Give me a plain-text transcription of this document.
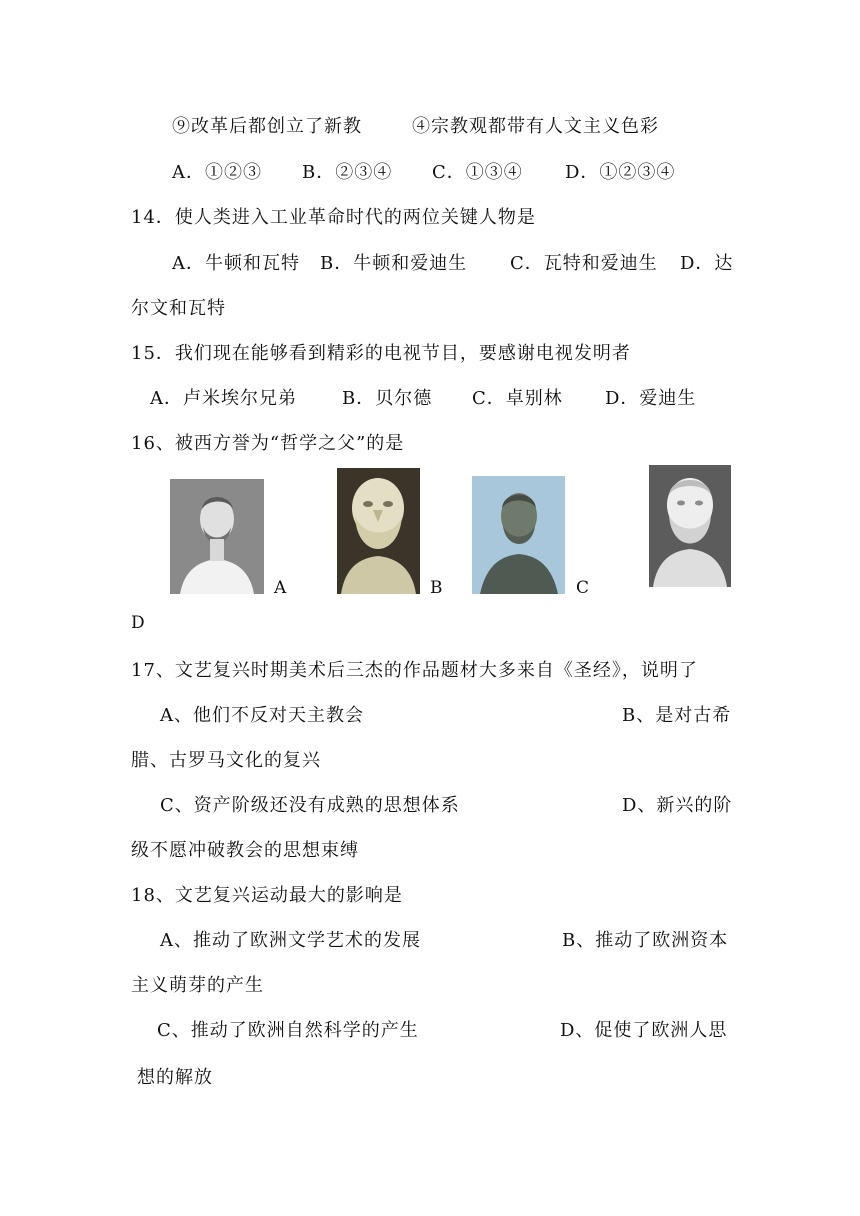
⑨改革后都创立了新教	④宗教观都带有人文主义色彩
A．①②③ B．②③④ C．①③④ D．①②③④
14．使人类进入工业革命时代的两位关键人物是
A．牛顿和瓦特 B．牛顿和爱迪生 C．瓦特和爱迪生 D．达
尔文和瓦特
15．我们现在能够看到精彩的电视节目，要感谢电视发明者
A．卢米埃尔兄弟	B．贝尔德 C．卓别林 D．爱迪生
16、被西方誉为“哲学之父”的是
A	B	C
D
17、文艺复兴时期美术后三杰的作品题材大多来自《圣经》，说明了
A、他们不反对天主教会	B、是对古希
腊、古罗马文化的复兴
C、资产阶级还没有成熟的思想体系	D、新兴的阶
级不愿冲破教会的思想束缚
18、文艺复兴运动最大的影响是
A、推动了欧洲文学艺术的发展	B、推动了欧洲资本
主义萌芽的产生
C、推动了欧洲自然科学的产生	D、促使了欧洲人思
想的解放
